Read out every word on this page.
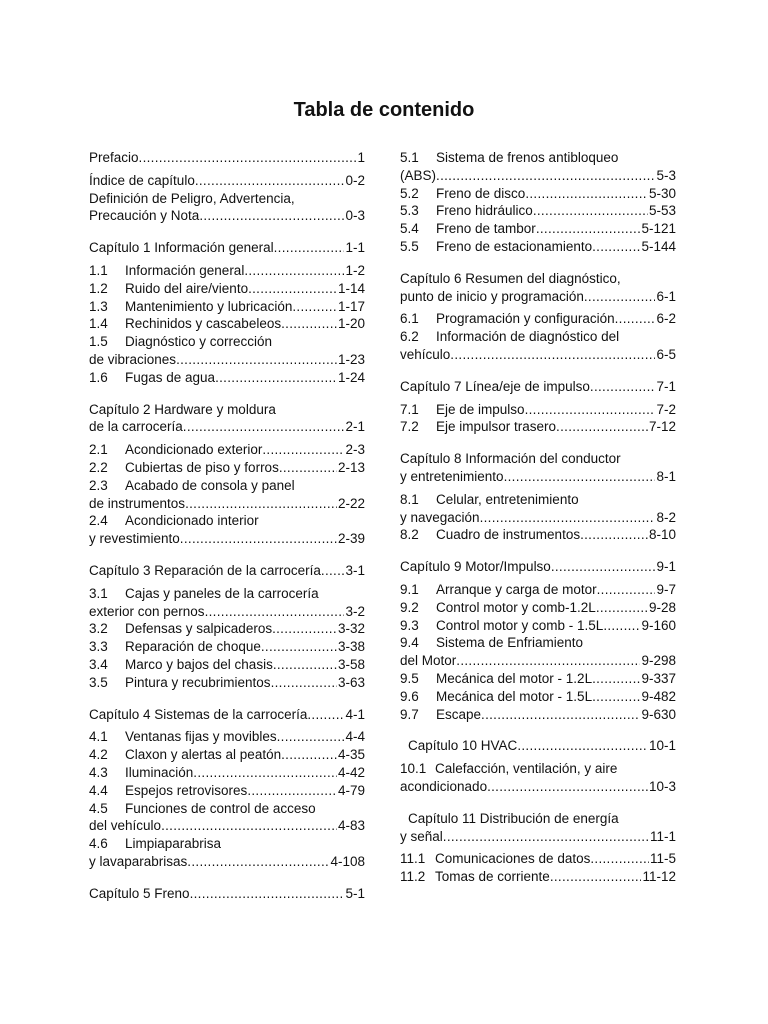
Tabla de contenido
Prefacio .....	1
Índice de capítulo .....	0-2
Definición de Peligro, Advertencia,
Precaución y Nota .....	0-3
Capítulo 1 Información general .....	1-1
1.1 Información general .....	1-2
1.2 Ruido del aire/viento .....	1-14
1.3 Mantenimiento y lubricación .....	1-17
1.4 Rechinidos y cascabeleos .....	1-20
1.5 Diagnóstico y corrección
de vibraciones .....	1-23
1.6 Fugas de agua .....	1-24
Capítulo 2 Hardware y moldura
de la carrocería .....	2-1
2.1 Acondicionado exterior .....	2-3
2.2 Cubiertas de piso y forros .....	2-13
2.3 Acabado de consola y panel
de instrumentos .....	2-22
2.4 Acondicionado interior
y revestimiento .....	2-39
Capítulo 3 Reparación de la carrocería ..... 3-1
3.1 Cajas y paneles de la carrocería
exterior con pernos .....	3-2
3.2 Defensas y salpicaderos .....	3-32
3.3 Reparación de choque .....	3-38
3.4 Marco y bajos del chasis .....	3-58
3.5 Pintura y recubrimientos .....	3-63
Capítulo 4 Sistemas de la carrocería .....	4-1
4.1 Ventanas fijas y movibles .....	4-4
4.2 Claxon y alertas al peatón .....	4-35
4.3 Iluminación .....	4-42
4.4 Espejos retrovisores .....	4-79
4.5 Funciones de control de acceso
del vehículo .....	4-83
4.6 Limpiaparabrisa
y lavaparabrisas .....	4-108
Capítulo 5 Freno .....	5-1
5.1 Sistema de frenos antibloqueo
(ABS) .....	5-3
5.2 Freno de disco .....	5-30
5.3 Freno hidráulico .....	5-53
5.4 Freno de tambor .....	5-121
5.5 Freno de estacionamiento .....	5-144
Capítulo 6 Resumen del diagnóstico,
punto de inicio y programación .....	6-1
6.1 Programación y configuración .....	6-2
6.2 Información de diagnóstico del
vehículo .....	6-5
Capítulo 7 Línea/eje de impulso .....	7-1
7.1 Eje de impulso .....	7-2
7.2 Eje impulsor trasero .....	7-12
Capítulo 8 Información del conductor
y entretenimiento .....	8-1
8.1 Celular, entretenimiento
y navegación .....	8-2
8.2 Cuadro de instrumentos .....	8-10
Capítulo 9 Motor/Impulso .....	9-1
9.1 Arranque y carga de motor .....	9-7
9.2 Control motor y comb-1.2L .....	9-28
9.3 Control motor y comb - 1.5L .....	9-160
9.4 Sistema de Enfriamiento
del Motor .....	9-298
9.5 Mecánica del motor - 1.2L .....	9-337
9.6 Mecánica del motor - 1.5L .....	9-482
9.7 Escape .....	9-630
Capítulo 10 HVAC .....	10-1
10.1 Calefacción, ventilación, y aire
acondicionado .....	10-3
Capítulo 11 Distribución de energía
y señal .....	11-1
11.1 Comunicaciones de datos .....	11-5
11.2 Tomas de corriente .....	11-12
